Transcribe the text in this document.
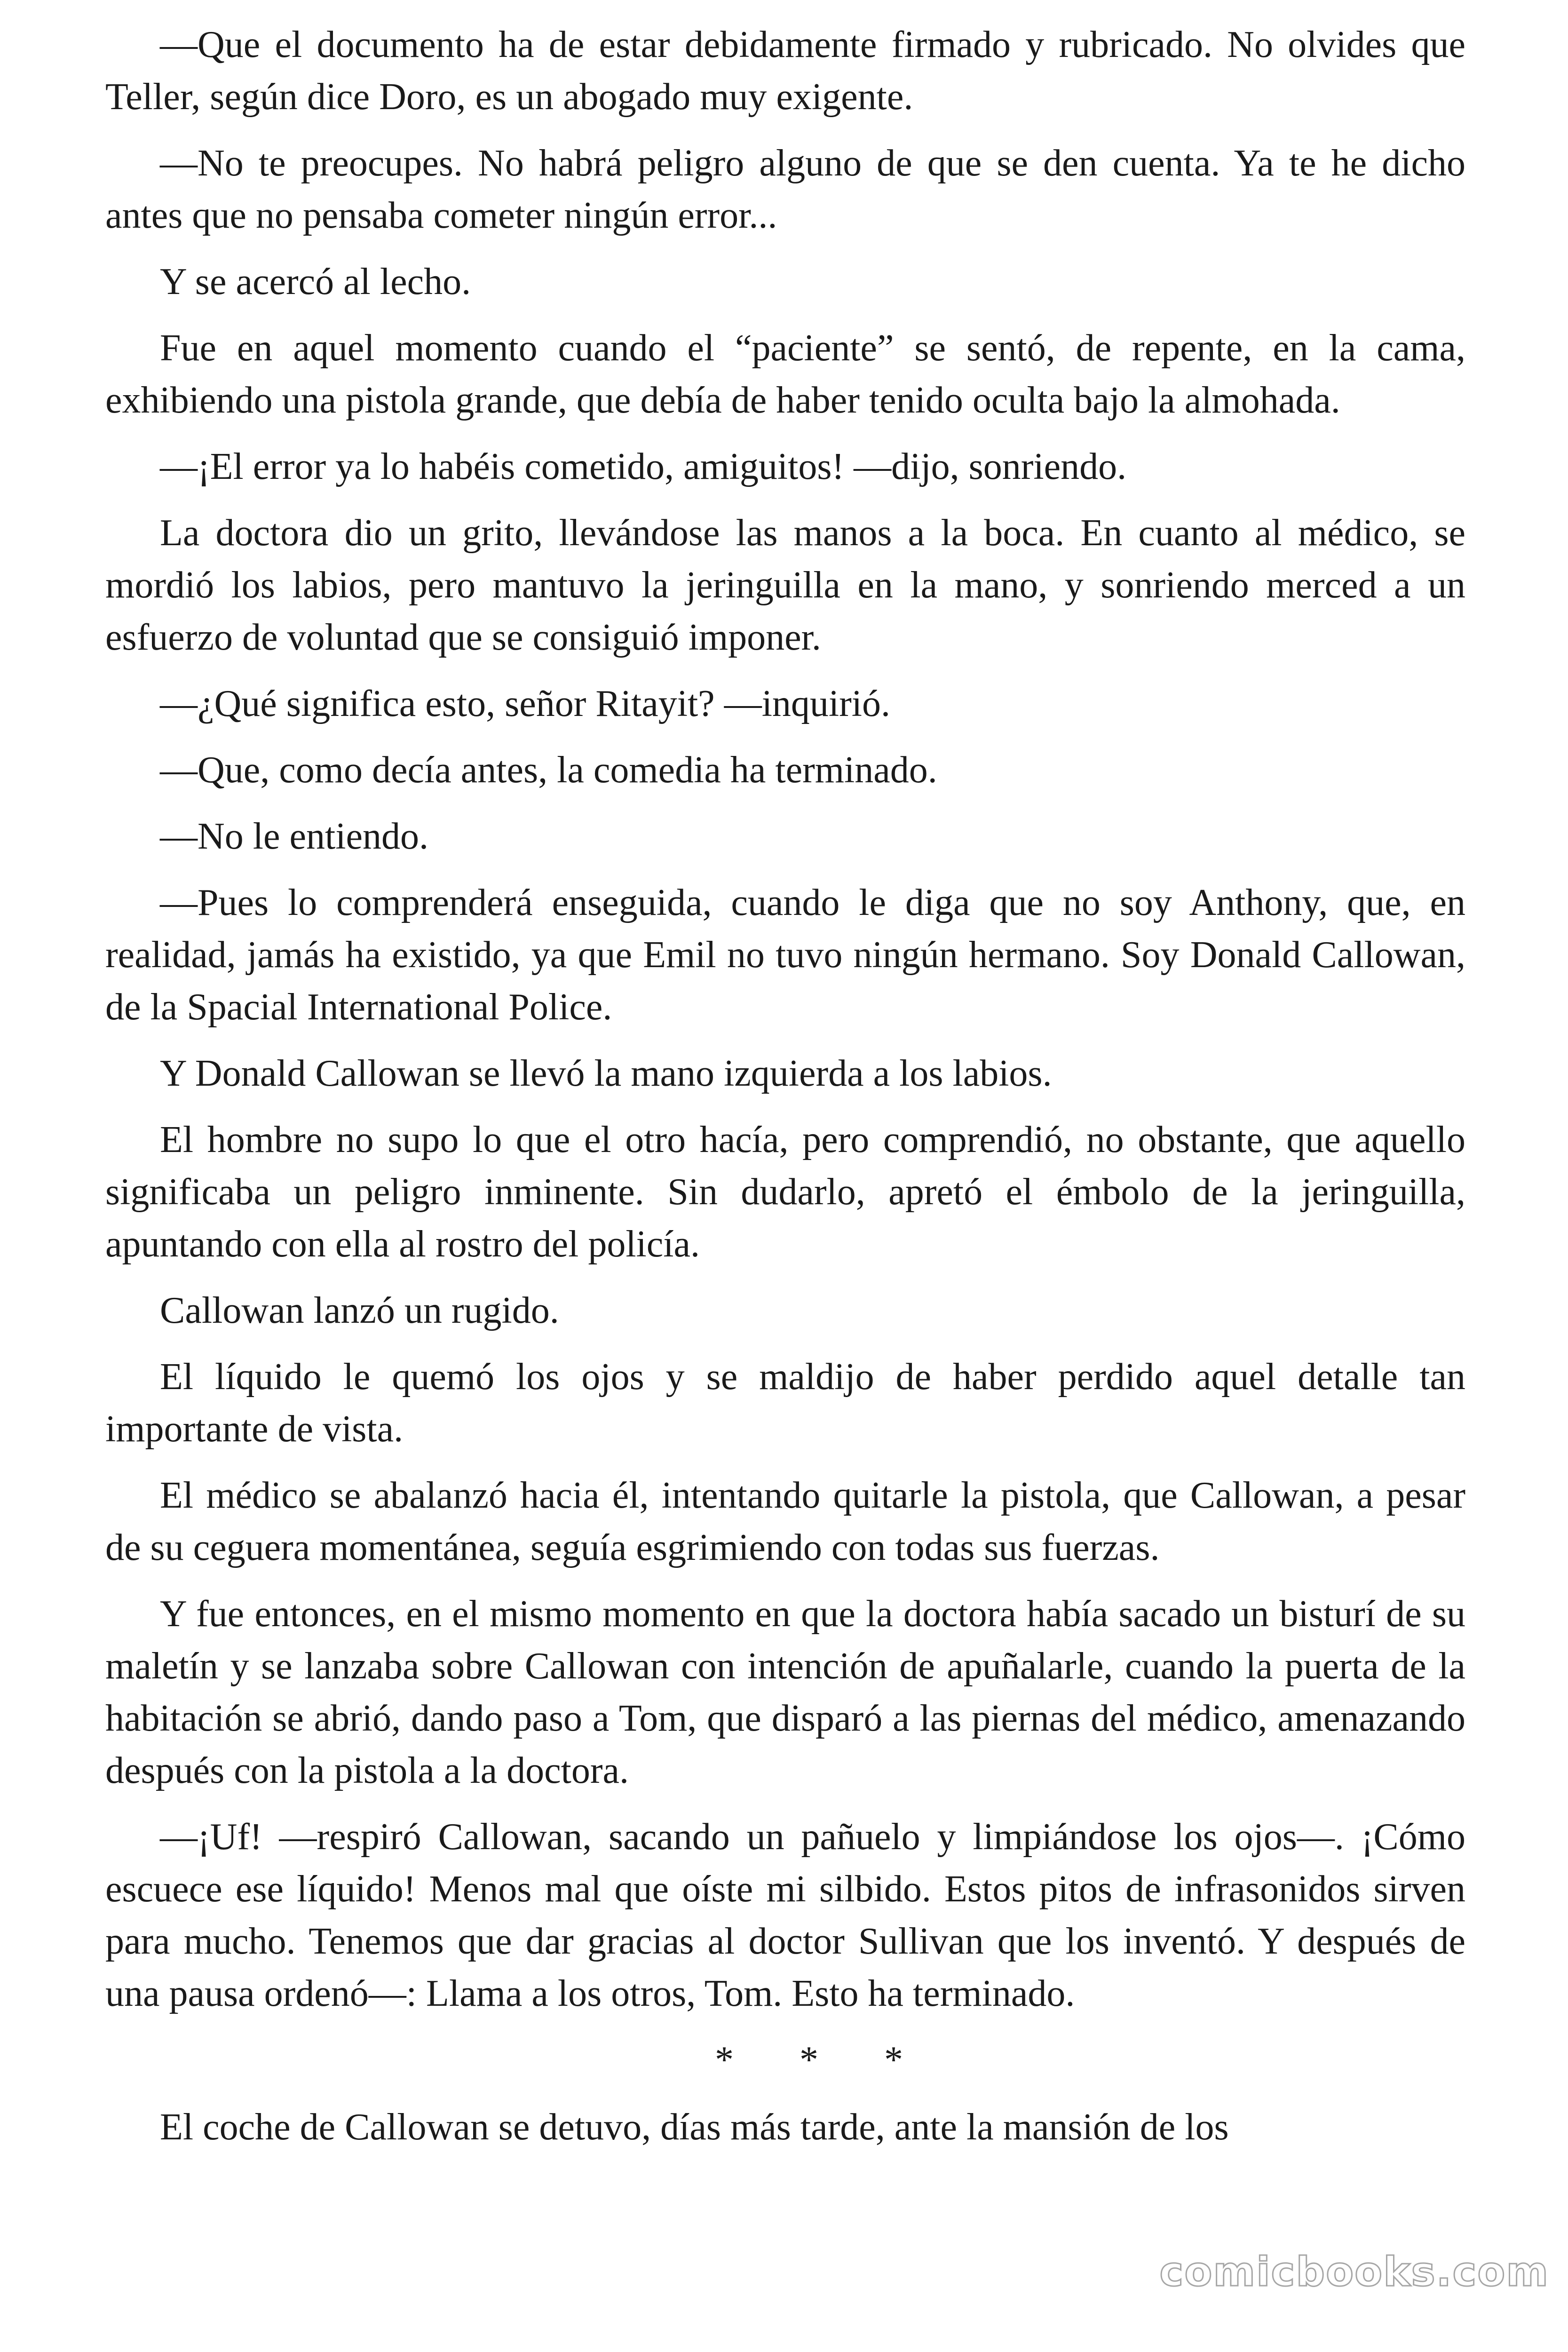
—Que el documento ha de estar debidamente firmado y rubricado. No olvides que Teller, según dice Doro, es un abogado muy exigente.

—No te preocupes. No habrá peligro alguno de que se den cuenta. Ya te he dicho antes que no pensaba cometer ningún error...

Y se acercó al lecho.

Fue en aquel momento cuando el “paciente” se sentó, de repente, en la cama, exhibiendo una pistola grande, que debía de haber tenido oculta bajo la almohada.

—¡El error ya lo habéis cometido, amiguitos! —dijo, sonriendo.

La doctora dio un grito, llevándose las manos a la boca. En cuanto al médico, se mordió los labios, pero mantuvo la jeringuilla en la mano, y sonriendo merced a un esfuerzo de voluntad que se consiguió imponer.

—¿Qué significa esto, señor Ritayit? —inquirió.

—Que, como decía antes, la comedia ha terminado.

—No le entiendo.

—Pues lo comprenderá enseguida, cuando le diga que no soy Anthony, que, en realidad, jamás ha existido, ya que Emil no tuvo ningún hermano. Soy Donald Callowan, de la Spacial International Police.

Y Donald Callowan se llevó la mano izquierda a los labios.

El hombre no supo lo que el otro hacía, pero comprendió, no obstante, que aquello significaba un peligro inminente. Sin dudarlo, apretó el émbolo de la jeringuilla, apuntando con ella al rostro del policía.

Callowan lanzó un rugido.

El líquido le quemó los ojos y se maldijo de haber perdido aquel detalle tan importante de vista.

El médico se abalanzó hacia él, intentando quitarle la pistola, que Callowan, a pesar de su ceguera momentánea, seguía esgrimiendo con todas sus fuerzas.

Y fue entonces, en el mismo momento en que la doctora había sacado un bisturí de su maletín y se lanzaba sobre Callowan con intención de apuñalarle, cuando la puerta de la habitación se abrió, dando paso a Tom, que disparó a las piernas del médico, amenazando después con la pistola a la doctora.

—¡Uf! —respiró Callowan, sacando un pañuelo y limpiándose los ojos—. ¡Cómo escuece ese líquido! Menos mal que oíste mi silbido. Estos pitos de infrasonidos sirven para mucho. Tenemos que dar gracias al doctor Sullivan que los inventó. Y después de una pausa ordenó—: Llama a los otros, Tom. Esto ha terminado.

* * *

El coche de Callowan se detuvo, días más tarde, ante la mansión de los

comicbooks.com
